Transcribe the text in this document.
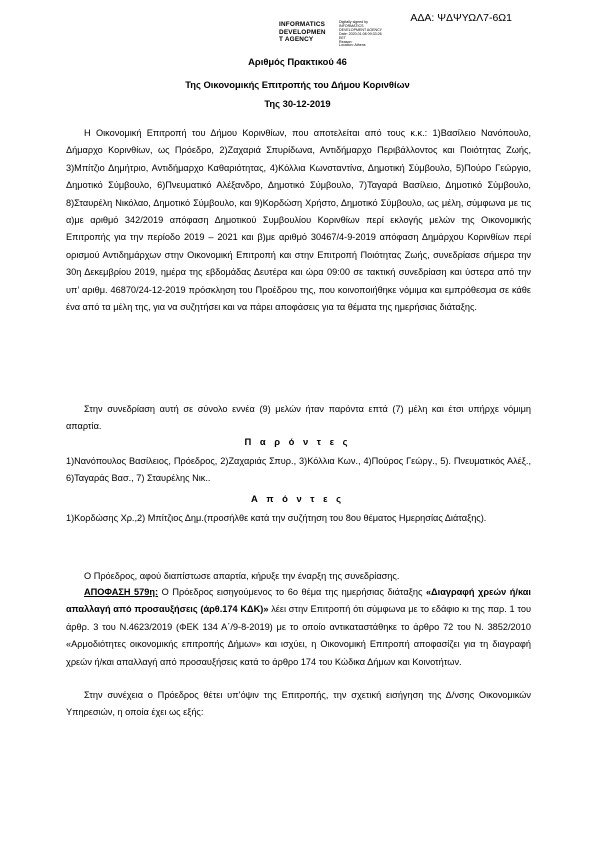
ΑΔΑ: ΨΔΨΥΩΛ7-6Ω1
INFORMATICS
DEVELOPMEN
T AGENCY
Digitally signed by
INFORMATICS
DEVELOPMENT AGENCY
Date: 2020.01.08 09:33:26
EET
Reason:
Location: Athens
Αριθμός Πρακτικού 46
Της Οικονομικής Επιτροπής του Δήμου Κορινθίων
Της 30-12-2019

Η Οικονομική Επιτροπή του Δήμου Κορινθίων, που αποτελείται από τους κ.κ.: 1)Βασίλειο Νανόπουλο, Δήμαρχο Κορινθίων, ως Πρόεδρο, 2)Ζαχαριά Σπυρίδωνα, Αντιδήμαρχο Περιβάλλοντος και Ποιότητας Ζωής, 3)Μπίτζιο Δημήτριο, Αντιδήμαρχο Καθαριότητας, 4)Κόλλια Κωνσταντίνα, Δημοτική Σύμβουλο, 5)Πούρο Γεώργιο, Δημοτικό Σύμβουλο, 6)Πνευματικό Αλέξανδρο, Δημοτικό Σύμβουλο, 7)Ταγαρά Βασίλειο, Δημοτικό Σύμβουλο, 8)Σταυρέλη Νικόλαο, Δημοτικό Σύμβουλο, και 9)Κορδώση Χρήστο, Δημοτικό Σύμβουλο, ως μέλη, σύμφωνα με τις α)με αριθμό 342/2019 απόφαση Δημοτικού Συμβουλίου Κορινθίων περί εκλογής μελών της Οικονομικής Επιτροπής για την περίοδο 2019 – 2021 και β)με αριθμό 30467/4-9-2019 απόφαση Δημάρχου Κορινθίων περί ορισμού Αντιδημάρχων στην Οικονομική Επιτροπή και στην Επιτροπή Ποιότητας Ζωής, συνεδρίασε σήμερα την 30η Δεκεμβρίου 2019, ημέρα της εβδομάδας Δευτέρα και ώρα 09:00 σε τακτική συνεδρίαση και ύστερα από την υπ’ αριθμ. 46870/24-12-2019 πρόσκληση του Προέδρου της, που κοινοποιήθηκε νόμιμα και εμπρόθεσμα σε κάθε ένα από τα μέλη της, για να συζητήσει και να πάρει αποφάσεις για τα θέματα της ημερήσιας διάταξης.

Στην συνεδρίαση αυτή σε σύνολο εννέα (9) μελών ήταν παρόντα επτά (7) μέλη και έτσι υπήρχε νόμιμη απαρτία.

Π α ρ ό ν τ ε ς

1)Νανόπουλος Βασίλειος, Πρόεδρος, 2)Ζαχαριάς Σπυρ., 3)Κόλλια Κων., 4)Πούρος Γεώργ., 5). Πνευματικός Αλέξ., 6)Ταγαράς Βασ., 7) Σταυρέλης Νικ..

Α π ό ν τ ε ς

1)Κορδώσης Χρ.,2) Μπίτζιος Δημ.(προσήλθε κατά την συζήτηση του 8ου θέματος Ημερησίας Διάταξης).

Ο Πρόεδρος, αφού διαπίστωσε απαρτία, κήρυξε την έναρξη της συνεδρίασης.

ΑΠΟΦΑΣΗ 579η: Ο Πρόεδρος εισηγούμενος το 6ο θέμα της ημερήσιας διάταξης «Διαγραφή χρεών ή/και απαλλαγή από προσαυξήσεις (άρθ.174 ΚΔΚ)» λέει στην Επιτροπή ότι σύμφωνα με το εδάφιο κι της παρ. 1 του άρθρ. 3 του Ν.4623/2019 (ΦΕΚ 134 Α΄/9-8-2019) με το οποίο αντικαταστάθηκε το άρθρο 72 του Ν. 3852/2010 «Αρμοδιότητες οικονομικής επιτροπής Δήμων» και ισχύει, η Οικονομική Επιτροπή αποφασίζει για τη διαγραφή χρεών ή/και απαλλαγή από προσαυξήσεις κατά το άρθρο 174 του Κώδικα Δήμων και Κοινοτήτων.

Στην συνέχεια ο Πρόεδρος θέτει υπ’όψιν της Επιτροπής, την σχετική εισήγηση της Δ/νσης Οικονομικών Υπηρεσιών, η οποία έχει ως εξής:
